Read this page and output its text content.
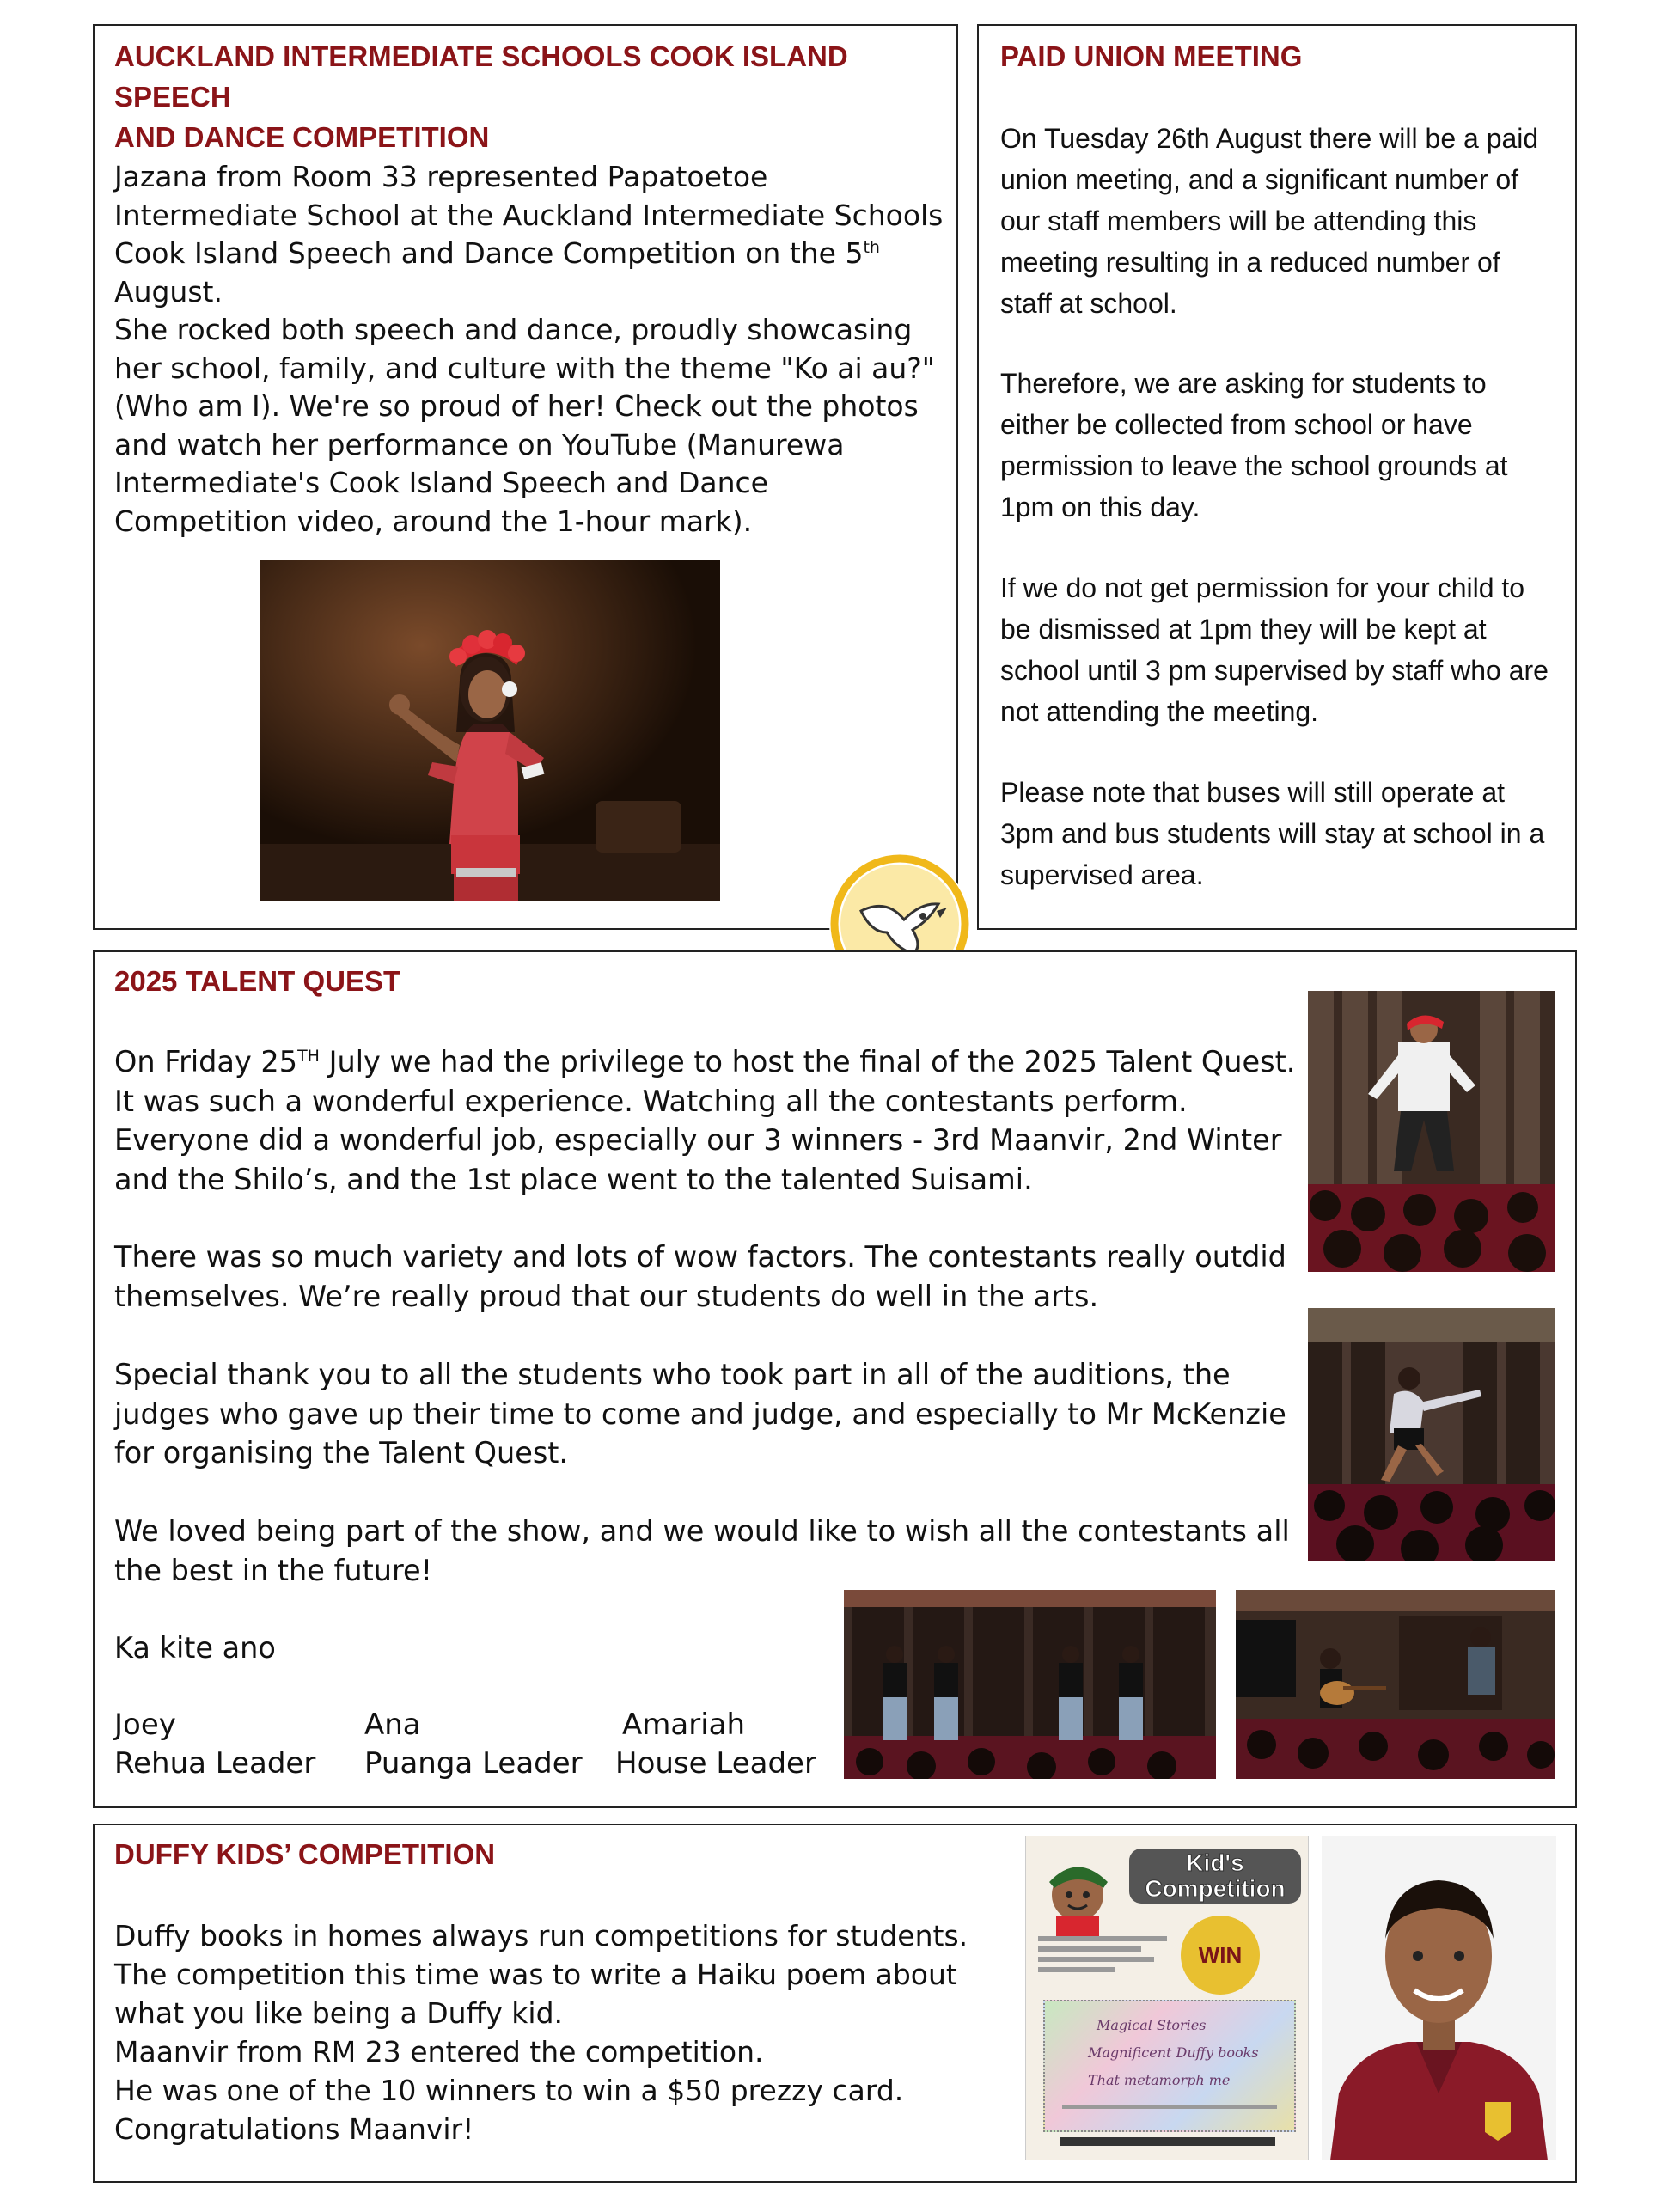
AUCKLAND INTERMEDIATE SCHOOLS COOK ISLAND SPEECH
AND DANCE COMPETITION

Jazana from Room 33 represented Papatoetoe Intermediate School at the Auckland Intermediate Schools Cook Island Speech and Dance Competition on the 5th August.

She rocked both speech and dance, proudly showcasing her school, family, and culture with the theme "Ko ai au?" (Who am I). We're so proud of her! Check out the photos and watch her performance on YouTube (Manurewa Intermediate's Cook Island Speech and Dance Competition video, around the 1-hour mark).

PAID UNION MEETING

On Tuesday 26th August there will be a paid union meeting, and a significant number of our staff members will be attending this meeting resulting in a reduced number of staff at school.

Therefore, we are asking for students to either be collected from school or have permission to leave the school grounds at 1pm on this day.

If we do not get permission for your child to be dismissed at 1pm they will be kept at school until 3 pm supervised by staff who are not attending the meeting.

Please note that buses will still operate at 3pm and bus students will stay at school in a supervised area.

2025 TALENT QUEST

On Friday 25TH July we had the privilege to host the final of the 2025 Talent Quest. It was such a wonderful experience. Watching all the contestants perform. Everyone did a wonderful job, especially our 3 winners - 3rd Maanvir, 2nd Winter and the Shilo’s, and the 1st place went to the talented Suisami.

There was so much variety and lots of wow factors. The contestants really outdid themselves. We’re really proud that our students do well in the arts.

Special thank you to all the students who took part in all of the auditions, the judges who gave up their time to come and judge, and especially to Mr McKenzie for organising the Talent Quest.

We loved being part of the show, and we would like to wish all the contestants all the best in the future!

Ka kite ano

Joey
Rehua Leader
Ana
Puanga Leader
Amariah
House Leader
DUFFY KIDS’ COMPETITION

Duffy books in homes always run competitions for students.
The competition this time was to write a Haiku poem about what you like being a Duffy kid.
Maanvir from RM 23 entered the competition.
He was one of the 10 winners to win a $50 prezzy card.
Congratulations Maanvir!

Kid's
Competition
WIN
Magical Stories
Magnificent Duffy books
That metamorph me
